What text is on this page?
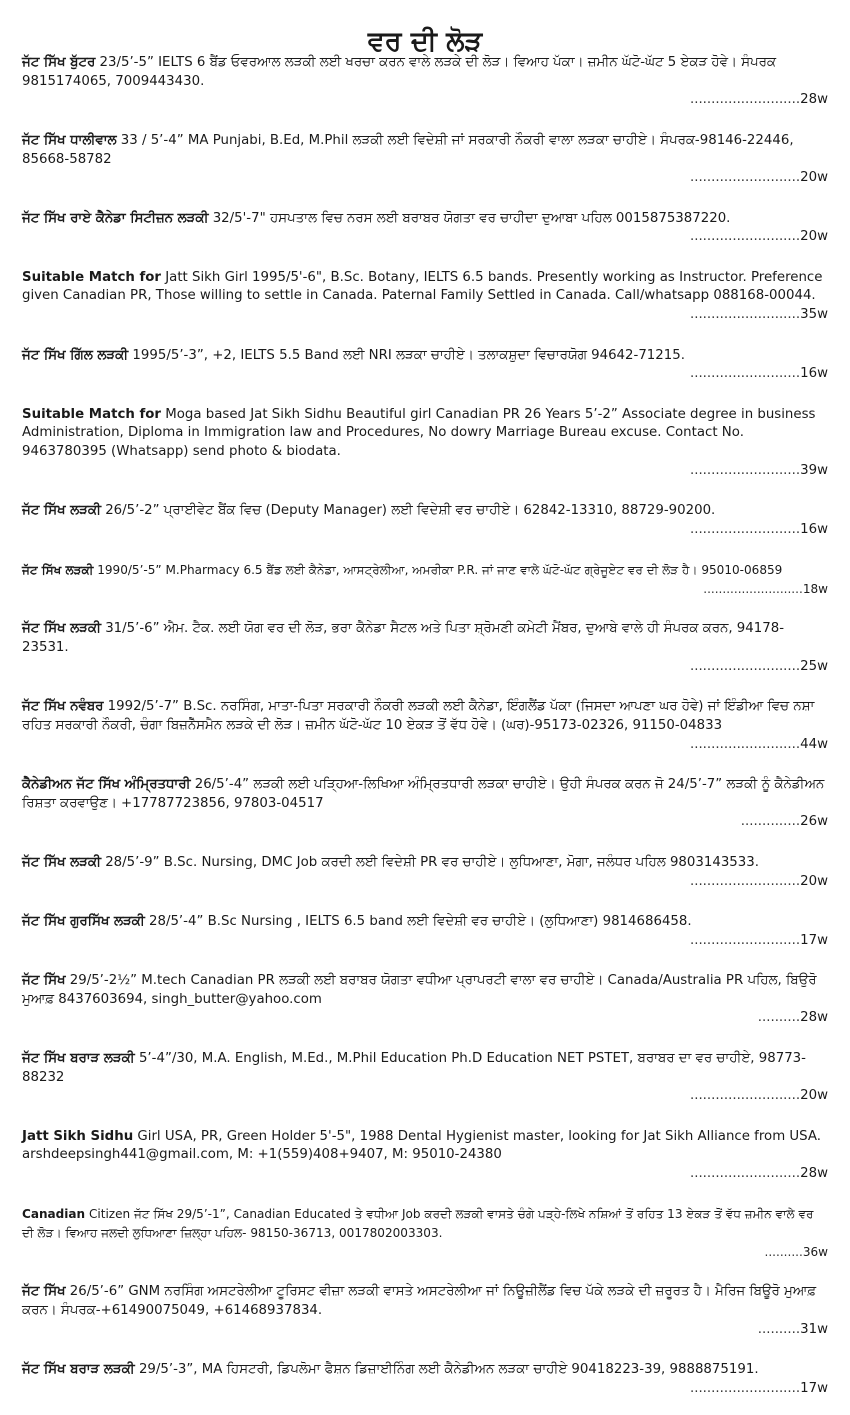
ਵਰ ਦੀ ਲੋੜ
ਜੱਟ ਸਿੱਖ ਬੁੱਟਰ 23/5’-5” IELTS 6 ਬੈਂਡ ਓਵਰਆਲ ਲੜਕੀ ਲਈ ਖਰਚਾ ਕਰਨ ਵਾਲੇ ਲੜਕੇ ਦੀ ਲੋੜ। ਵਿਆਹ ਪੱਕਾ। ਜ਼ਮੀਨ ਘੱਟੋ-ਘੱਟ 5 ਏਕੜ ਹੋਵੇ। ਸੰਪਰਕ 9815174065, 7009443430.
.......................... 28w
ਜੱਟ ਸਿੱਖ ਧਾਲੀਵਾਲ 33 / 5’-4” MA Punjabi, B.Ed, M.Phil ਲੜਕੀ ਲਈ ਵਿਦੇਸ਼ੀ ਜਾਂ ਸਰਕਾਰੀ ਨੌਕਰੀ ਵਾਲਾ ਲੜਕਾ ਚਾਹੀਏ। ਸੰਪਰਕ-98146-22446, 85668-58782
.......................... 20w
ਜੱਟ ਸਿੱਖ ਰਾਏ ਕੈਨੇਡਾ ਸਿਟੀਜ਼ਨ ਲੜਕੀ 32/5'-7" ਹਸਪਤਾਲ ਵਿਚ ਨਰਸ ਲਈ ਬਰਾਬਰ ਯੋਗਤਾ ਵਰ ਚਾਹੀਦਾ ਦੁਆਬਾ ਪਹਿਲ 0015875387220.
.......................... 20w
Suitable Match for Jatt Sikh Girl 1995/5'-6", B.Sc. Botany, IELTS 6.5 bands. Presently working as Instructor. Preference given Canadian PR, Those willing to settle in Canada. Paternal Family Settled in Canada. Call/whatsapp 088168-00044.
.......................... 35w
ਜੱਟ ਸਿੱਖ ਗਿੱਲ ਲੜਕੀ 1995/5’-3”, +2, IELTS 5.5 Band ਲਈ NRI ਲੜਕਾ ਚਾਹੀਏ। ਤਲਾਕਸ਼ੁਦਾ ਵਿਚਾਰਯੋਗ 94642-71215.
.......................... 16w
Suitable Match for Moga based Jat Sikh Sidhu Beautiful girl Canadian PR 26 Years 5’-2” Associate degree in business Administration, Diploma in Immigration law and Procedures, No dowry Marriage Bureau excuse. Contact No. 9463780395 (Whatsapp) send photo & biodata.
.......................... 39w
ਜੱਟ ਸਿੱਖ ਲੜਕੀ 26/5’-2” ਪ੍ਰਾਈਵੇਟ ਬੈਂਕ ਵਿਚ (Deputy Manager) ਲਈ ਵਿਦੇਸ਼ੀ ਵਰ ਚਾਹੀਏ। 62842-13310, 88729-90200.
.......................... 16w
ਜੱਟ ਸਿੱਖ ਲੜਕੀ 1990/5’-5” M.Pharmacy 6.5 ਬੈਂਡ ਲਈ ਕੈਨੇਡਾ, ਆਸਟ੍ਰੇਲੀਆ, ਅਮਰੀਕਾ P.R. ਜਾਂ ਜਾਣ ਵਾਲੇ ਘੱਟੋ-ਘੱਟ ਗ੍ਰੇਜੂਏਟ ਵਰ ਦੀ ਲੋੜ ਹੈ। 95010-06859
.......................... 18w
ਜੱਟ ਸਿੱਖ ਲੜਕੀ 31/5’-6” ਐਮ. ਟੈਕ. ਲਈ ਯੋਗ ਵਰ ਦੀ ਲੋੜ, ਭਰਾ ਕੈਨੇਡਾ ਸੈਟਲ ਅਤੇ ਪਿਤਾ ਸ਼੍ਰੋਮਣੀ ਕਮੇਟੀ ਮੈਂਬਰ, ਦੁਆਬੇ ਵਾਲੇ ਹੀ ਸੰਪਰਕ ਕਰਨ, 94178-23531.
.......................... 25w
ਜੱਟ ਸਿੱਖ ਨਵੰਬਰ 1992/5’-7” B.Sc. ਨਰਸਿੰਗ, ਮਾਤਾ-ਪਿਤਾ ਸਰਕਾਰੀ ਨੌਕਰੀ ਲੜਕੀ ਲਈ ਕੈਨੇਡਾ, ਇੰਗਲੈਂਡ ਪੱਕਾ (ਜਿਸਦਾ ਆਪਣਾ ਘਰ ਹੋਵੇ) ਜਾਂ ਇੰਡੀਆ ਵਿਚ ਨਸ਼ਾ ਰਹਿਤ ਸਰਕਾਰੀ ਨੌਕਰੀ, ਚੰਗਾ ਬਿਜ਼ਨੈੱਸਮੈਨ ਲੜਕੇ ਦੀ ਲੋੜ। ਜ਼ਮੀਨ ਘੱਟੋ-ਘੱਟ 10 ਏਕੜ ਤੋਂ ਵੱਧ ਹੋਵੇ। (ਘਰ)-95173-02326, 91150-04833
.......................... 44w
ਕੈਨੇਡੀਅਨ ਜੱਟ ਸਿੱਖ ਅੰਮ੍ਰਿਤਧਾਰੀ 26/5’-4” ਲੜਕੀ ਲਈ ਪੜ੍ਹਿਆ-ਲਿਖਿਆ ਅੰਮ੍ਰਿਤਧਾਰੀ ਲੜਕਾ ਚਾਹੀਏ। ਉਹੀ ਸੰਪਰਕ ਕਰਨ ਜੋ 24/5’-7” ਲੜਕੀ ਨੂੰ ਕੈਨੇਡੀਅਨ ਰਿਸ਼ਤਾ ਕਰਵਾਉਣ। +17787723856, 97803-04517
.............. 26w
ਜੱਟ ਸਿੱਖ ਲੜਕੀ 28/5’-9” B.Sc. Nursing, DMC Job ਕਰਦੀ ਲਈ ਵਿਦੇਸ਼ੀ PR ਵਰ ਚਾਹੀਏ। ਲੁਧਿਆਣਾ, ਮੋਗਾ, ਜਲੰਧਰ ਪਹਿਲ 9803143533.
.......................... 20w
ਜੱਟ ਸਿੱਖ ਗੁਰਸਿੱਖ ਲੜਕੀ 28/5’-4” B.Sc Nursing , IELTS 6.5 band ਲਈ ਵਿਦੇਸ਼ੀ ਵਰ ਚਾਹੀਏ। (ਲੁਧਿਆਣਾ) 9814686458.
.......................... 17w
ਜੱਟ ਸਿੱਖ 29/5’-2½” M.tech Canadian PR ਲੜਕੀ ਲਈ ਬਰਾਬਰ ਯੋਗਤਾ ਵਧੀਆ ਪ੍ਰਾਪਰਟੀ ਵਾਲਾ ਵਰ ਚਾਹੀਏ। Canada/Australia PR ਪਹਿਲ, ਬਿਉਰੋ ਮੁਆਫ਼ 8437603694, singh_butter@yahoo.com
.......... 28w
ਜੱਟ ਸਿੱਖ ਬਰਾੜ ਲੜਕੀ 5’-4”/30, M.A. English, M.Ed., M.Phil Education Ph.D Education NET PSTET, ਬਰਾਬਰ ਦਾ ਵਰ ਚਾਹੀਏ, 98773-88232
.......................... 20w
Jatt Sikh Sidhu Girl USA, PR, Green Holder 5'-5", 1988 Dental Hygienist master, looking for Jat Sikh Alliance from USA. arshdeepsingh441@gmail.com, M: +1(559)408+9407, M: 95010-24380
.......................... 28w
Canadian Citizen ਜੱਟ ਸਿੱਖ 29/5’-1”, Canadian Educated ਤੇ ਵਧੀਆ Job ਕਰਦੀ ਲੜਕੀ ਵਾਸਤੇ ਚੰਗੇ ਪੜ੍ਹੇ-ਲਿਖੇ ਨਸ਼ਿਆਂ ਤੋਂ ਰਹਿਤ 13 ਏਕੜ ਤੋਂ ਵੱਧ ਜ਼ਮੀਨ ਵਾਲੇ ਵਰ ਦੀ ਲੋੜ। ਵਿਆਹ ਜਲਦੀ ਲੁਧਿਆਣਾ ਜ਼ਿਲ੍ਹਾ ਪਹਿਲ- 98150-36713, 0017802003303.
.......... 36w
ਜੱਟ ਸਿੱਖ 26/5’-6” GNM ਨਰਸਿੰਗ ਅਸਟਰੇਲੀਆ ਟੂਰਿਸਟ ਵੀਜ਼ਾ ਲੜਕੀ ਵਾਸਤੇ ਅਸਟਰੇਲੀਆ ਜਾਂ ਨਿਊਜ਼ੀਲੈਂਡ ਵਿਚ ਪੱਕੇ ਲੜਕੇ ਦੀ ਜ਼ਰੂਰਤ ਹੈ। ਮੈਰਿਜ ਬਿਊਰੋ ਮੁਆਫ਼ ਕਰਨ। ਸੰਪਰਕ-+61490075049, +61468937834.
.......... 31w
ਜੱਟ ਸਿੱਖ ਬਰਾੜ ਲੜਕੀ 29/5’-3”, MA ਹਿਸਟਰੀ, ਡਿਪਲੋਮਾ ਫੈਸ਼ਨ ਡਿਜ਼ਾਈਨਿੰਗ ਲਈ ਕੈਨੇਡੀਅਨ ਲੜਕਾ ਚਾਹੀਏ 90418223-39, 9888875191.
.......................... 17w
